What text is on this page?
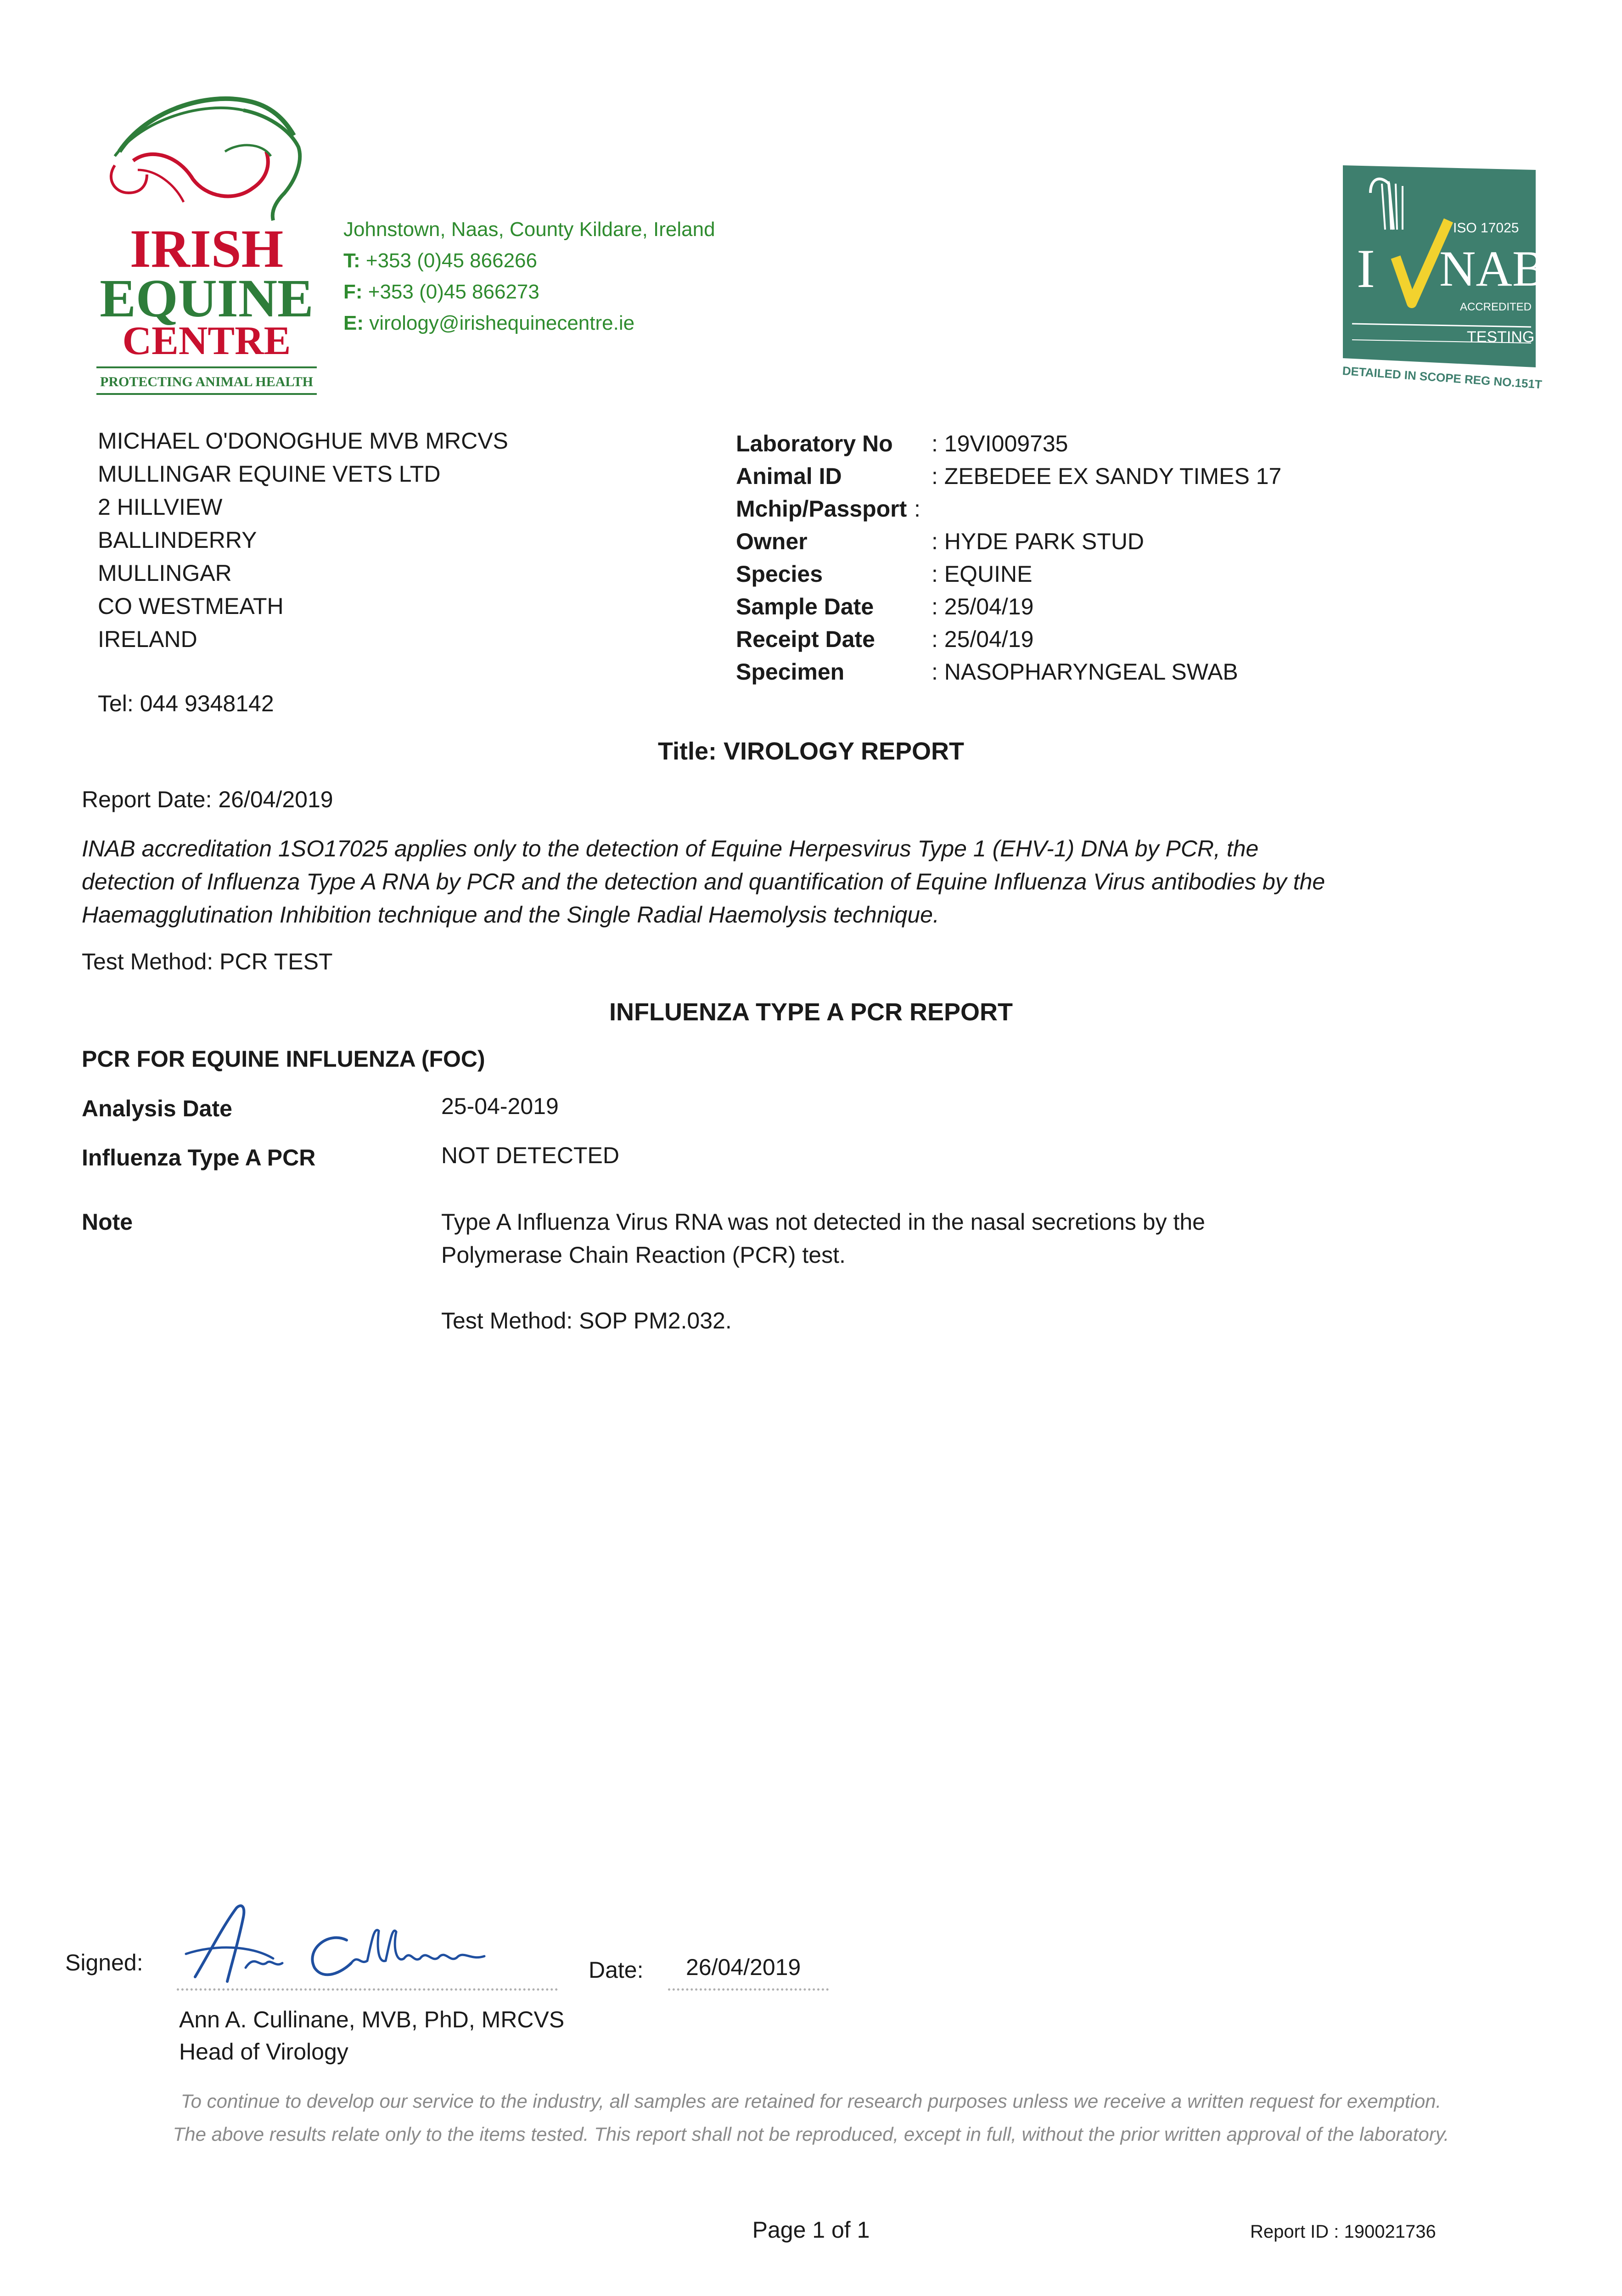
IRISH
EQUINE
CENTRE
PROTECTING ANIMAL HEALTH
Johnstown, Naas, County Kildare, Ireland
T: +353 (0)45 866266
F: +353 (0)45 866273
E: virology@irishequinecentre.ie
ISO 17025
I NAB
ACCREDITED
TESTING
DETAILED IN SCOPE REG NO.151T
MICHAEL O'DONOGHUE MVB MRCVS
MULLINGAR EQUINE VETS LTD
2 HILLVIEW
BALLINDERRY
MULLINGAR
CO WESTMEATH
IRELAND
Tel: 044 9348142
Laboratory No : 19VI009735
Animal ID	: ZEBEDEE EX SANDY TIMES 17
Mchip/Passport :
Owner	: HYDE PARK STUD
Species	: EQUINE
Sample Date	: 25/04/19
Receipt Date : 25/04/19
Specimen	: NASOPHARYNGEAL SWAB
Title: VIROLOGY REPORT
Report Date: 26/04/2019
INAB accreditation 1SO17025 applies only to the detection of Equine Herpesvirus Type 1 (EHV-1) DNA by PCR, the
detection of Influenza Type A RNA by PCR and the detection and quantification of Equine Influenza Virus antibodies by the
Haemagglutination Inhibition technique and the Single Radial Haemolysis technique.
Test Method: PCR TEST
INFLUENZA TYPE A PCR REPORT
PCR FOR EQUINE INFLUENZA (FOC)
Analysis Date	25-04-2019
Influenza Type A PCR	NOT DETECTED
Note	Type A Influenza Virus RNA was not detected in the nasal secretions by the
Polymerase Chain Reaction (PCR) test.
Test Method: SOP PM2.032.
Signed:
Ann Cullinane
Date: 26/04/2019
Ann A. Cullinane, MVB, PhD, MRCVS
Head of Virology
To continue to develop our service to the industry, all samples are retained for research purposes unless we receive a written request for exemption.
The above results relate only to the items tested. This report shall not be reproduced, except in full, without the prior written approval of the laboratory.
Page 1 of 1	Report ID : 190021736
